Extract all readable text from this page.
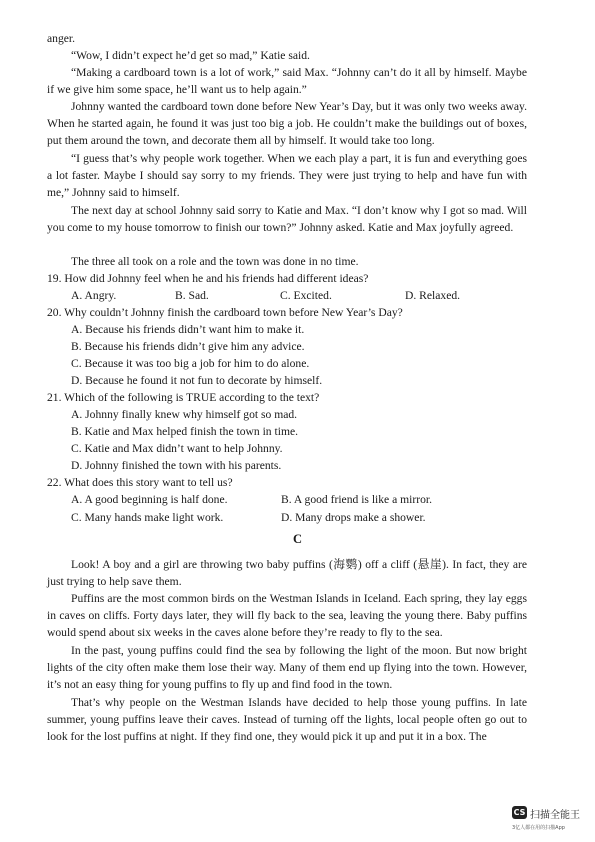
anger.

“Wow, I didn’t expect he’d get so mad,” Katie said.

“Making a cardboard town is a lot of work,” said Max. “Johnny can’t do it all by himself. Maybe if we give him some space, he’ll want us to help again.”

Johnny wanted the cardboard town done before New Year’s Day, but it was only two weeks away. When he started again, he found it was just too big a job. He couldn’t make the buildings out of boxes, put them around the town, and decorate them all by himself. It would take too long.

“I guess that’s why people work together. When we each play a part, it is fun and everything goes a lot faster. Maybe I should say sorry to my friends. They were just trying to help and have fun with me,” Johnny said to himself.

The next day at school Johnny said sorry to Katie and Max. “I don’t know why I got so mad. Will you come to my house tomorrow to finish our town?” Johnny asked. Katie and Max joyfully agreed.

The three all took on a role and the town was done in no time.

19. How did Johnny feel when he and his friends had different ideas?
A. Angry.	B. Sad.	C. Excited.	D. Relaxed.
20. Why couldn’t Johnny finish the cardboard town before New Year’s Day?
A. Because his friends didn’t want him to make it.
B. Because his friends didn’t give him any advice.
C. Because it was too big a job for him to do alone.
D. Because he found it not fun to decorate by himself.
21. Which of the following is TRUE according to the text?
A. Johnny finally knew why himself got so mad.
B. Katie and Max helped finish the town in time.
C. Katie and Max didn’t want to help Johnny.
D. Johnny finished the town with his parents.
22. What does this story want to tell us?
A. A good beginning is half done.	B. A good friend is like a mirror.
C. Many hands make light work.	D. Many drops make a shower.
C

Look! A boy and a girl are throwing two baby puffins (海鹦) off a cliff (悬崖). In fact, they are just trying to help save them.

Puffins are the most common birds on the Westman Islands in Iceland. Each spring, they lay eggs in caves on cliffs. Forty days later, they will fly back to the sea, leaving the young there. Baby puffins would spend about six weeks in the caves alone before they’re ready to fly to the sea.

In the past, young puffins could find the sea by following the light of the moon. But now bright lights of the city often make them lose their way. Many of them end up flying into the town. However, it’s not an easy thing for young puffins to fly up and find food in the town.

That’s why people on the Westman Islands have decided to help those young puffins. In late summer, young puffins leave their caves. Instead of turning off the lights, local people often go out to look for the lost puffins at night. If they find one, they would pick it up and put it in a box. The

CS 扫描全能王
3亿人都在用的扫描App
